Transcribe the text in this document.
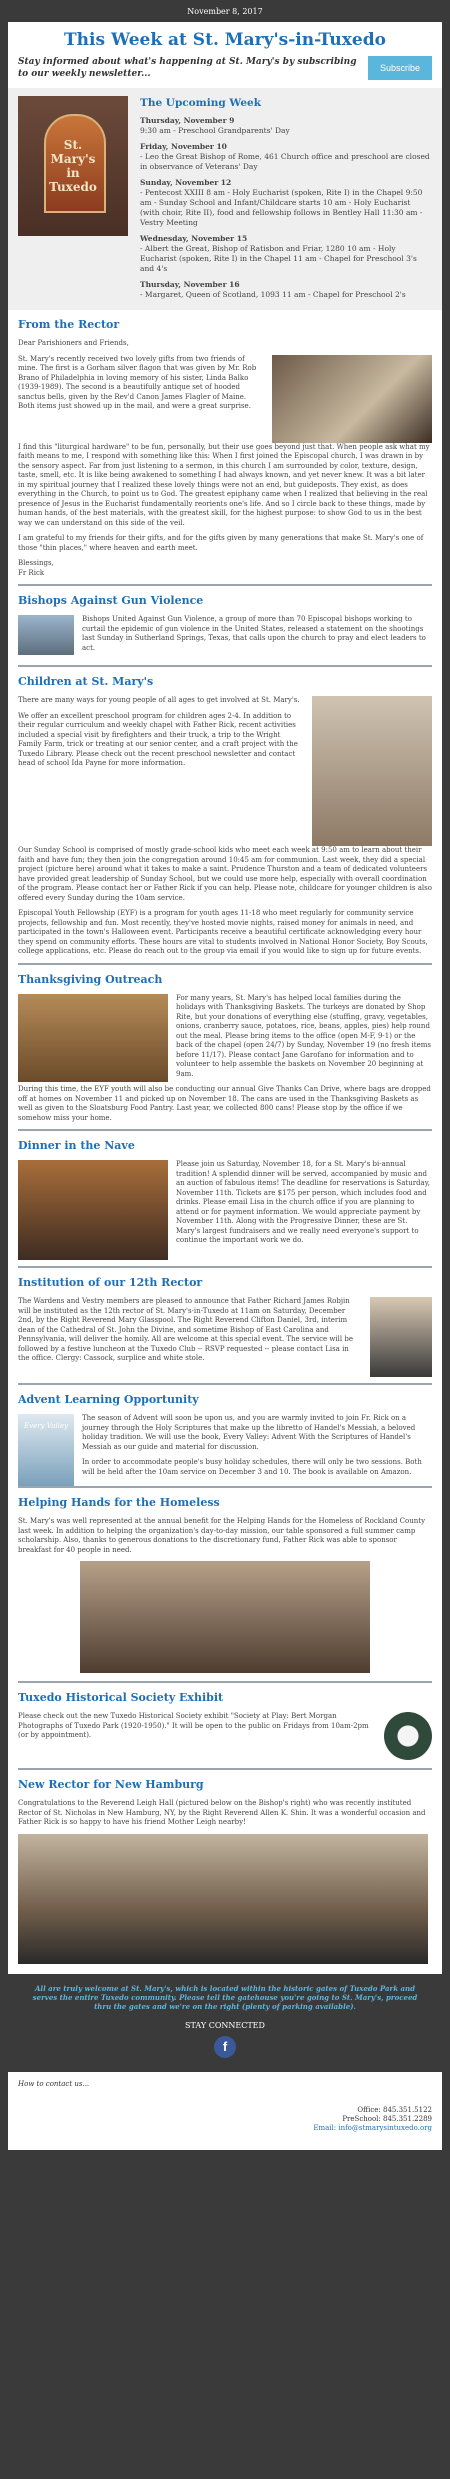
November 8, 2017
This Week at St. Mary's-in-Tuxedo
Stay informed about what's happening at St. Mary's by subscribing to our weekly newsletter...
Subscribe
St.
Mary's
in
Tuxedo
The Upcoming Week
Thursday, November 9
9:30 am - Preschool Grandparents' Day
Friday, November 10
- Leo the Great Bishop of Rome, 461 Church office and preschool are closed in observance of Veterans' Day
Sunday, November 12
- Pentecost XXIII 8 am - Holy Eucharist (spoken, Rite I) in the Chapel 9:50 am - Sunday School and Infant/Childcare starts 10 am - Holy Eucharist (with choir, Rite II), food and fellowship follows in Bentley Hall 11:30 am - Vestry Meeting
Wednesday, November 15
- Albert the Great, Bishop of Ratisbon and Friar, 1280 10 am - Holy Eucharist (spoken, Rite I) in the Chapel 11 am - Chapel for Preschool 3's and 4's
Thursday, November 16
- Margaret, Queen of Scotland, 1093 11 am - Chapel for Preschool 2's
From the Rector

Dear Parishioners and Friends,

St. Mary's recently received two lovely gifts from two friends of mine. The first is a Gorham silver flagon that was given by Mr. Rob Brano of Philadelphia in loving memory of his sister, Linda Balko (1939-1989). The second is a beautifully antique set of hooded sanctus bells, given by the Rev'd Canon James Flagler of Maine. Both items just showed up in the mail, and were a great surprise.

I find this "liturgical hardware" to be fun, personally, but their use goes beyond just that. When people ask what my faith means to me, I respond with something like this: When I first joined the Episcopal church, I was drawn in by the sensory aspect. Far from just listening to a sermon, in this church I am surrounded by color, texture, design, taste, smell, etc. It is like being awakened to something I had always known, and yet never knew. It was a bit later in my spiritual journey that I realized these lovely things were not an end, but guideposts. They exist, as does everything in the Church, to point us to God. The greatest epiphany came when I realized that believing in the real presence of Jesus in the Eucharist fundamentally reorients one's life. And so I circle back to these things, made by human hands, of the best materials, with the greatest skill, for the highest purpose: to show God to us in the best way we can understand on this side of the veil.

I am grateful to my friends for their gifts, and for the gifts given by many generations that make St. Mary's one of those "thin places," where heaven and earth meet.

Blessings,

Fr Rick

Bishops Against Gun Violence

Bishops United Against Gun Violence, a group of more than 70 Episcopal bishops working to curtail the epidemic of gun violence in the United States, released a statement on the shootings last Sunday in Sutherland Springs, Texas, that calls upon the church to pray and elect leaders to act.

Children at St. Mary's

There are many ways for young people of all ages to get involved at St. Mary's.

We offer an excellent preschool program for children ages 2-4. In addition to their regular curriculum and weekly chapel with Father Rick, recent activities included a special visit by firefighters and their truck, a trip to the Wright Family Farm, trick or treating at our senior center, and a craft project with the Tuxedo Library. Please check out the recent preschool newsletter and contact head of school Ida Payne for more information.

Our Sunday School is comprised of mostly grade-school kids who meet each week at 9:50 am to learn about their faith and have fun; they then join the congregation around 10:45 am for communion. Last week, they did a special project (picture here) around what it takes to make a saint. Prudence Thurston and a team of dedicated volunteers have provided great leadership of Sunday School, but we could use more help, especially with overall coordination of the program. Please contact her or Father Rick if you can help. Please note, childcare for younger children is also offered every Sunday during the 10am service.

Episcopal Youth Fellowship (EYF) is a program for youth ages 11-18 who meet regularly for community service projects, fellowship and fun. Most recently, they've hosted movie nights, raised money for animals in need, and participated in the town's Halloween event. Participants receive a beautiful certificate acknowledging every hour they spend on community efforts. These hours are vital to students involved in National Honor Society, Boy Scouts, college applications, etc. Please do reach out to the group via email if you would like to sign up for future events.

Thanksgiving Outreach

For many years, St. Mary's has helped local families during the holidays with Thanksgiving Baskets. The turkeys are donated by Shop Rite, but your donations of everything else (stuffing, gravy, vegetables, onions, cranberry sauce, potatoes, rice, beans, apples, pies) help round out the meal. Please bring items to the office (open M-F, 9-1) or the back of the chapel (open 24/7) by Sunday, November 19 (no fresh items before 11/17). Please contact Jane Garofano for information and to volunteer to help assemble the baskets on November 20 beginning at 9am.

During this time, the EYF youth will also be conducting our annual Give Thanks Can Drive, where bags are dropped off at homes on November 11 and picked up on November 18. The cans are used in the Thanksgiving Baskets as well as given to the Sloatsburg Food Pantry. Last year, we collected 800 cans! Please stop by the office if we somehow miss your home.

Dinner in the Nave

Please join us Saturday, November 18, for a St. Mary's bi-annual tradition! A splendid dinner will be served, accompanied by music and an auction of fabulous items! The deadline for reservations is Saturday, November 11th. Tickets are $175 per person, which includes food and drinks. Please email Lisa in the church office if you are planning to attend or for payment information. We would appreciate payment by November 11th. Along with the Progressive Dinner, these are St. Mary's largest fundraisers and we really need everyone's support to continue the important work we do.

Institution of our 12th Rector

The Wardens and Vestry members are pleased to announce that Father Richard James Robjin will be instituted as the 12th rector of St. Mary's-in-Tuxedo at 11am on Saturday, December 2nd, by the Right Reverend Mary Glasspool. The Right Reverend Clifton Daniel, 3rd, interim dean of the Cathedral of St. John the Divine, and sometime Bishop of East Carolina and Pennsylvania, will deliver the homily. All are welcome at this special event. The service will be followed by a festive luncheon at the Tuxedo Club -- RSVP requested -- please contact Lisa in the office. Clergy: Cassock, surplice and white stole.

Advent Learning Opportunity
Every Valley

The season of Advent will soon be upon us, and you are warmly invited to join Fr. Rick on a journey through the Holy Scriptures that make up the libretto of Handel's Messiah, a beloved holiday tradition. We will use the book, Every Valley: Advent With the Scriptures of Handel's Messiah as our guide and material for discussion.

In order to accommodate people's busy holiday schedules, there will only be two sessions. Both will be held after the 10am service on December 3 and 10. The book is available on Amazon.

Helping Hands for the Homeless

St. Mary's was well represented at the annual benefit for the Helping Hands for the Homeless of Rockland County last week. In addition to helping the organization's day-to-day mission, our table sponsored a full summer camp scholarship. Also, thanks to generous donations to the discretionary fund, Father Rick was able to sponsor breakfast for 40 people in need.

Tuxedo Historical Society Exhibit

Please check out the new Tuxedo Historical Society exhibit "Society at Play: Bert Morgan Photographs of Tuxedo Park (1920-1950)." It will be open to the public on Fridays from 10am-2pm (or by appointment).

New Rector for New Hamburg

Congratulations to the Reverend Leigh Hall (pictured below on the Bishop's right) who was recently instituted Rector of St. Nicholas in New Hamburg, NY, by the Right Reverend Allen K. Shin. It was a wonderful occasion and Father Rick is so happy to have his friend Mother Leigh nearby!

All are truly welcome at St. Mary's, which is located within the historic gates of Tuxedo Park and serves the entire Tuxedo community. Please tell the gatehouse you're going to St. Mary's, proceed thru the gates and we're on the right (plenty of parking available).
STAY CONNECTED
f
How to contact us...
Office: 845.351.5122
PreSchool: 845.351.2289
Email: info@stmarysintuxedo.org
